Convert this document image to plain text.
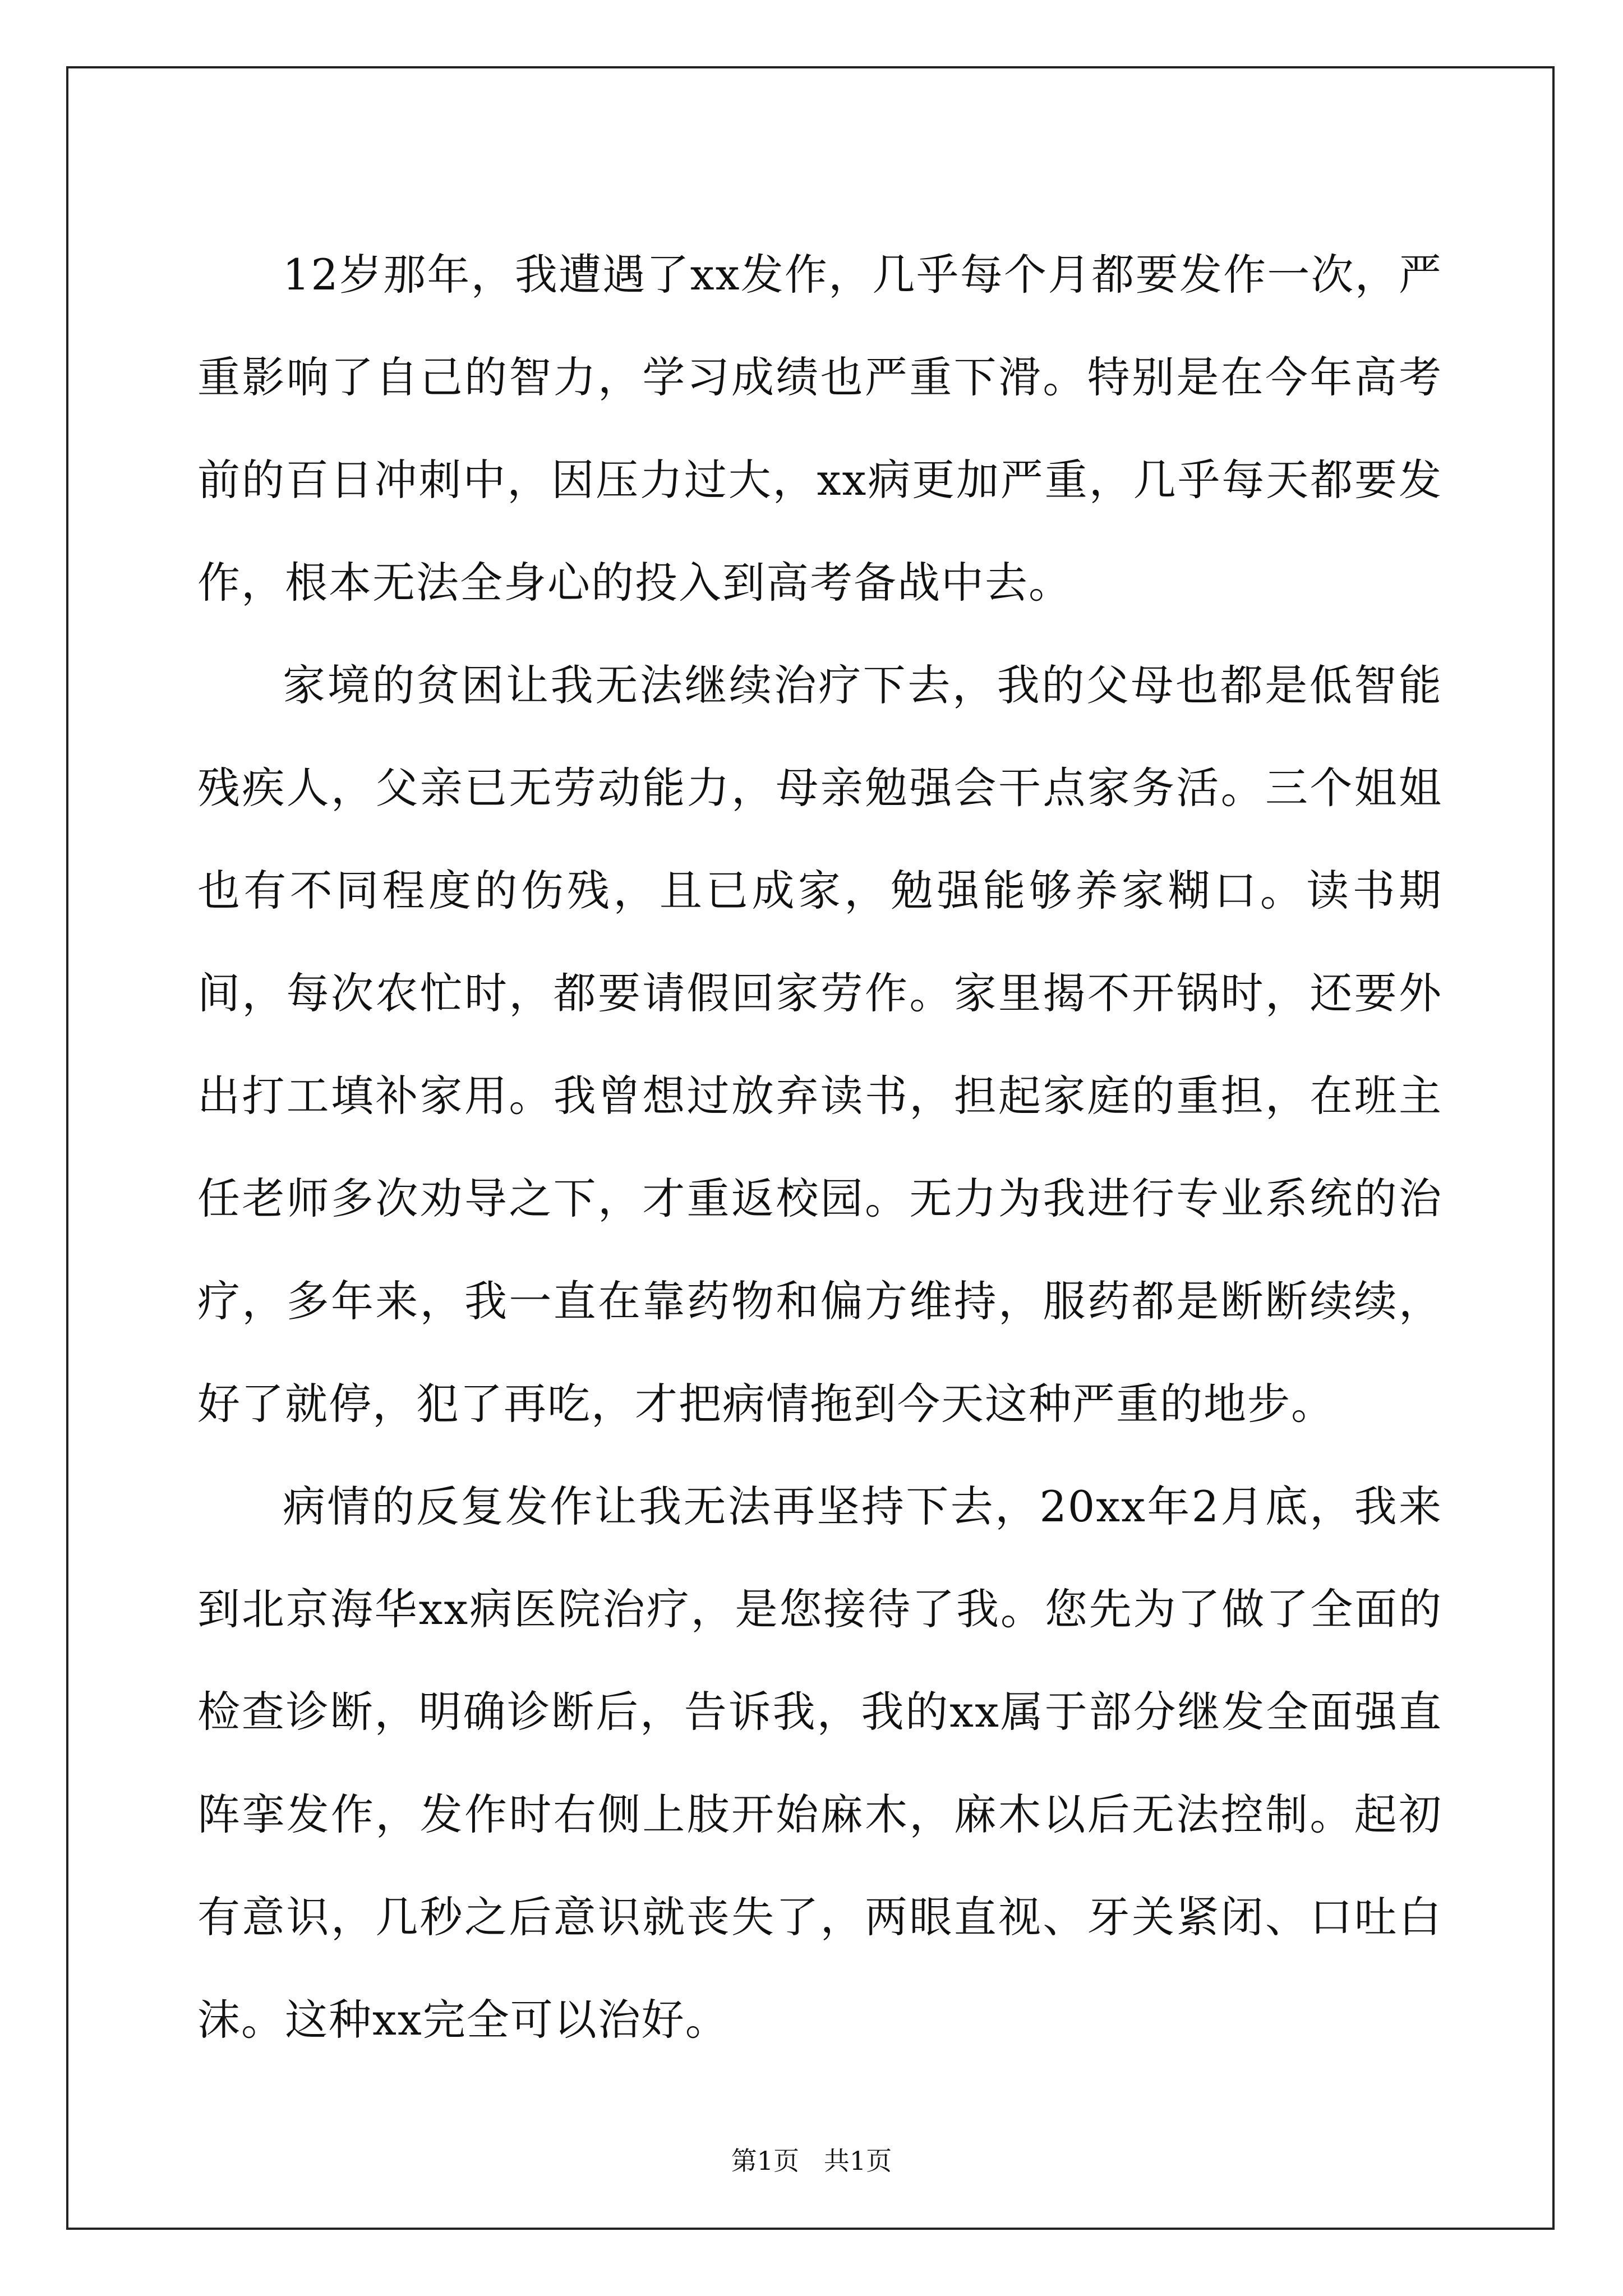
12岁那年，我遭遇了xx发作，几乎每个月都要发作一次，严重影响了自己的智力，学习成绩也严重下滑。特别是在今年高考前的百日冲刺中，因压力过大，xx病更加严重，几乎每天都要发作，根本无法全身心的投入到高考备战中去。

家境的贫困让我无法继续治疗下去，我的父母也都是低智能残疾人，父亲已无劳动能力，母亲勉强会干点家务活。三个姐姐也有不同程度的伤残，且已成家，勉强能够养家糊口。读书期间，每次农忙时，都要请假回家劳作。家里揭不开锅时，还要外出打工填补家用。我曾想过放弃读书，担起家庭的重担，在班主任老师多次劝导之下，才重返校园。无力为我进行专业系统的治疗，多年来，我一直在靠药物和偏方维持，服药都是断断续续，好了就停，犯了再吃，才把病情拖到今天这种严重的地步。

病情的反复发作让我无法再坚持下去，20xx年2月底，我来到北京海华xx病医院治疗，是您接待了我。您先为了做了全面的检查诊断，明确诊断后，告诉我，我的xx属于部分继发全面强直阵挛发作，发作时右侧上肢开始麻木，麻木以后无法控制。起初有意识，几秒之后意识就丧失了，两眼直视、牙关紧闭、口吐白沫。这种xx完全可以治好。

第1页   共1页
